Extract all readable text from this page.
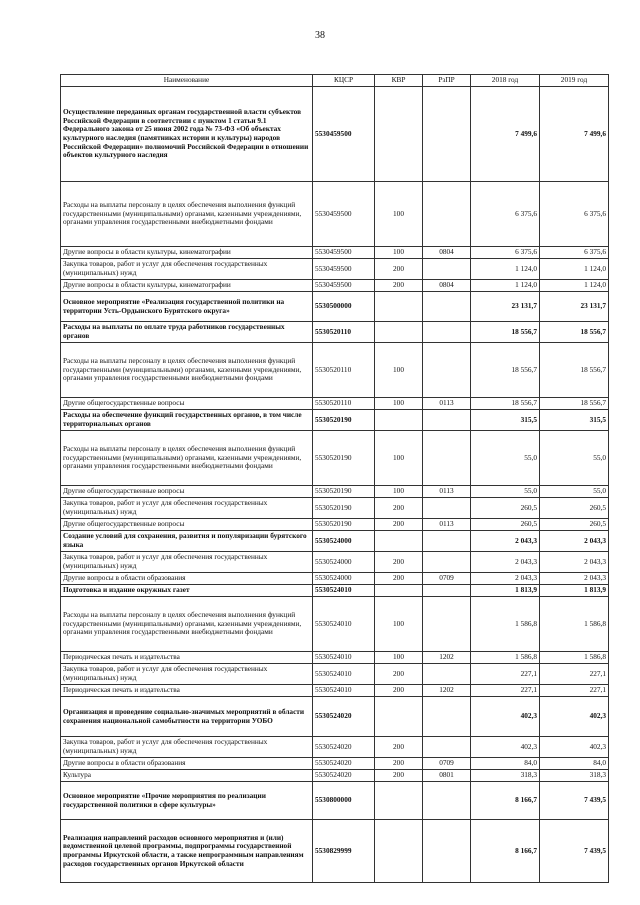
38
Наименование	КЦСР	КВР	РзПР	2018 год	2019 год
Осуществление переданных органам государственной власти субъектов Российской Федерации в соответствии с пунктом 1 статьи 9.1 Федерального закона от 25 июня 2002 года № 73-ФЗ «Об объектах культурного наследия (памятниках истории и культуры) народов Российской Федерации» полномочий Российской Федерации в отношении объектов культурного наследия	5530459500			7 499,6	7 499,6
Расходы на выплаты персоналу в целях обеспечения выполнения функций государственными (муниципальными) органами, казенными учреждениями, органами управления государственными внебюджетными фондами	5530459500	100		6 375,6	6 375,6
Другие вопросы в области культуры, кинематографии	5530459500	100	0804	6 375,6	6 375,6
Закупка товаров, работ и услуг для обеспечения государственных (муниципальных) нужд	5530459500	200		1 124,0	1 124,0
Другие вопросы в области культуры, кинематографии	5530459500	200	0804	1 124,0	1 124,0
Основное мероприятие «Реализация государственной политики на территории Усть-Ордынского Бурятского округа»	5530500000			23 131,7	23 131,7
Расходы на выплаты по оплате труда работников государственных органов	5530520110			18 556,7	18 556,7
Расходы на выплаты персоналу в целях обеспечения выполнения функций государственными (муниципальными) органами, казенными учреждениями, органами управления государственными внебюджетными фондами	5530520110	100		18 556,7	18 556,7
Другие общегосударственные вопросы	5530520110	100	0113	18 556,7	18 556,7
Расходы на обеспечение функций государственных органов, в том числе территориальных органов	5530520190			315,5	315,5
Расходы на выплаты персоналу в целях обеспечения выполнения функций государственными (муниципальными) органами, казенными учреждениями, органами управления государственными внебюджетными фондами	5530520190	100		55,0	55,0
Другие общегосударственные вопросы	5530520190	100	0113	55,0	55,0
Закупка товаров, работ и услуг для обеспечения государственных (муниципальных) нужд	5530520190	200		260,5	260,5
Другие общегосударственные вопросы	5530520190	200	0113	260,5	260,5
Создание условий для сохранения, развития и популяризации бурятского языка	5530524000			2 043,3	2 043,3
Закупка товаров, работ и услуг для обеспечения государственных (муниципальных) нужд	5530524000	200		2 043,3	2 043,3
Другие вопросы в области образования	5530524000	200	0709	2 043,3	2 043,3
Подготовка и издание окружных газет	5530524010			1 813,9	1 813,9
Расходы на выплаты персоналу в целях обеспечения выполнения функций государственными (муниципальными) органами, казенными учреждениями, органами управления государственными внебюджетными фондами	5530524010	100		1 586,8	1 586,8
Периодическая печать и издательства	5530524010	100	1202	1 586,8	1 586,8
Закупка товаров, работ и услуг для обеспечения государственных (муниципальных) нужд	5530524010	200		227,1	227,1
Периодическая печать и издательства	5530524010	200	1202	227,1	227,1
Организация и проведение социально-значимых мероприятий в области сохранения национальной самобытности на территории УОБО	5530524020			402,3	402,3
Закупка товаров, работ и услуг для обеспечения государственных (муниципальных) нужд	5530524020	200		402,3	402,3
Другие вопросы в области образования	5530524020	200	0709	84,0	84,0
Культура	5530524020	200	0801	318,3	318,3
Основное мероприятие «Прочие мероприятия по реализации государственной политики в сфере культуры»	5530800000			8 166,7	7 439,5
Реализация направлений расходов основного мероприятия и (или) ведомственной целевой программы, подпрограммы государственной программы Иркутской области, а также непрограммным направлениям расходов государственных органов Иркутской области	5530829999			8 166,7	7 439,5
